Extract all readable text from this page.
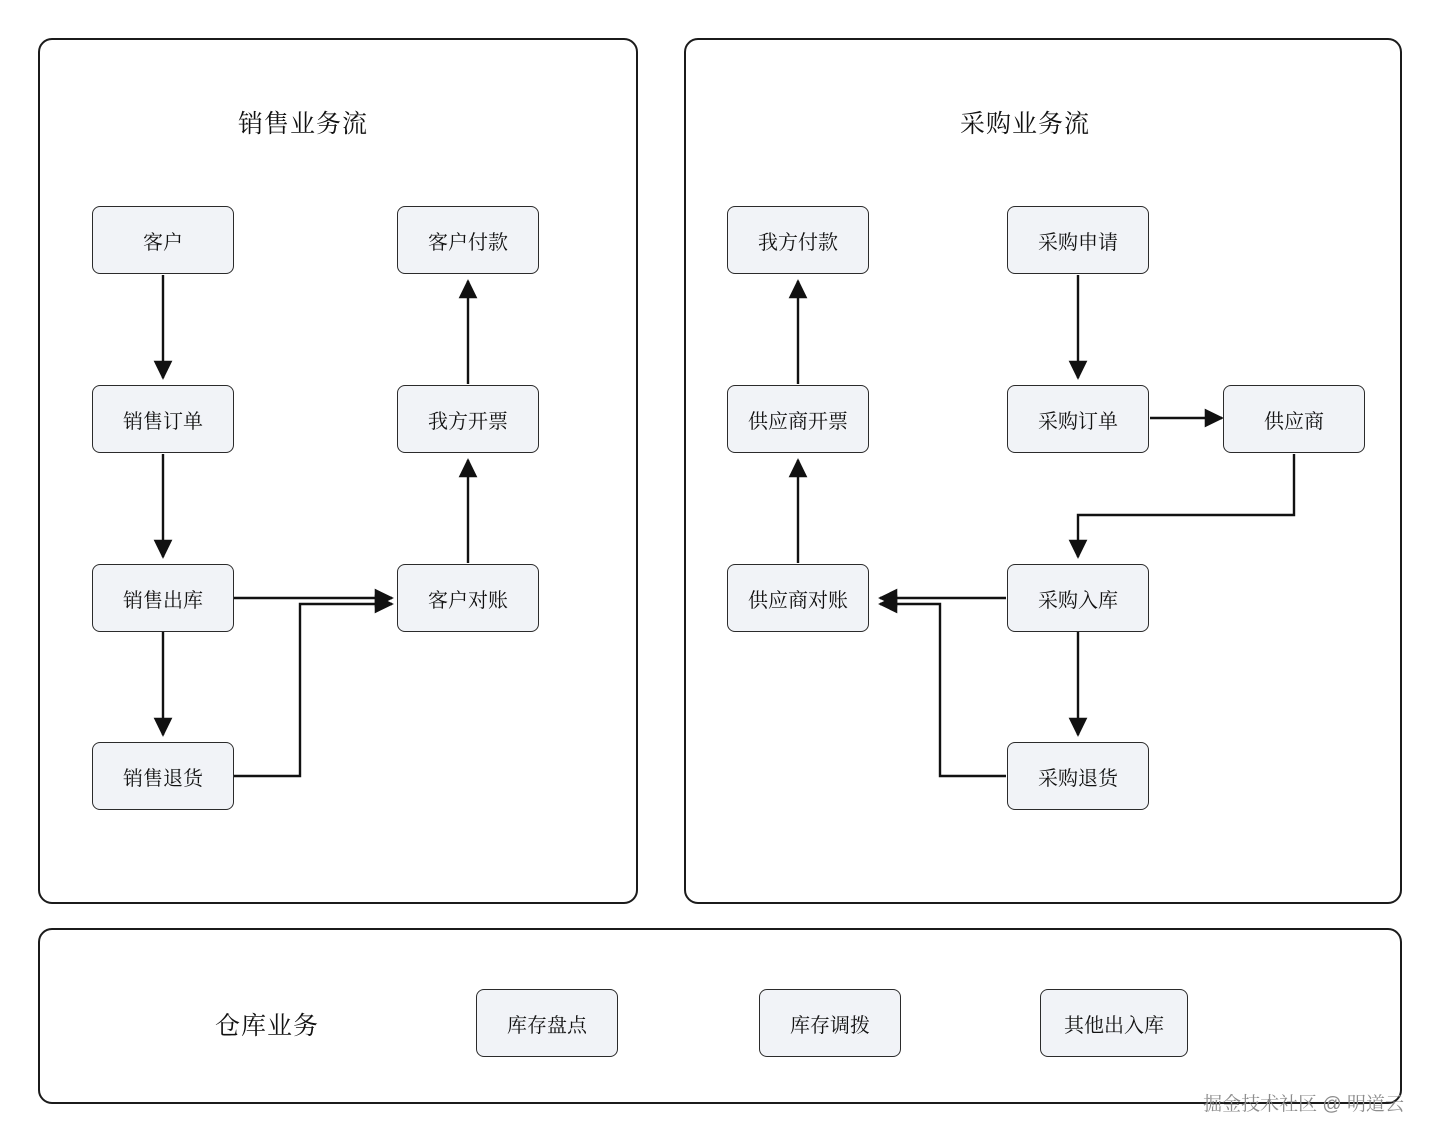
销售业务流	采购业务流
仓库业务
客户
销售订单
销售出库
销售退货
客户付款
我方开票
客户对账
我方付款
供应商开票
供应商对账
采购申请
采购订单	供应商
采购入库
采购退货
库存盘点	库存调拨	其他出入库
掘金技术社区 @ 明道云
